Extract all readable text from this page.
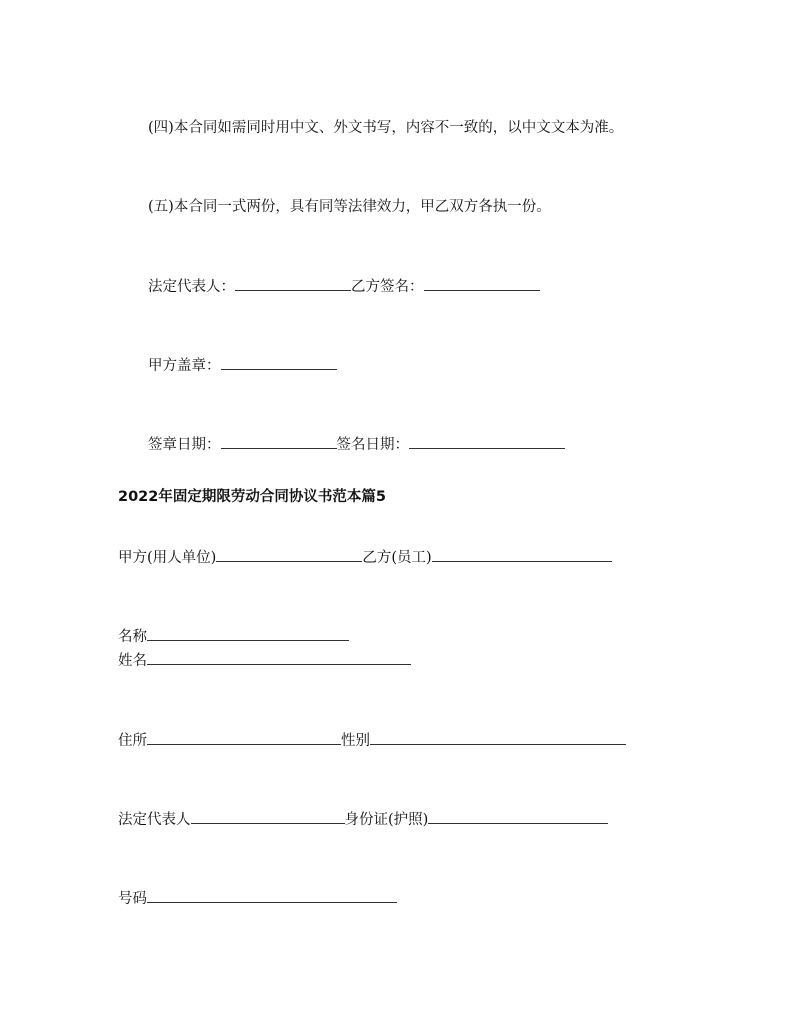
(四)本合同如需同时用中文、外文书写，内容不一致的，以中文文本为准。
(五)本合同一式两份，具有同等法律效力，甲乙双方各执一份。
法定代表人：	乙方签名：
甲方盖章：
签章日期：	签名日期：
2022年固定期限劳动合同协议书范本篇5
甲方(用人单位)	乙方(员工)
名称
姓名
住所	性别
法定代表人	身份证(护照)
号码
